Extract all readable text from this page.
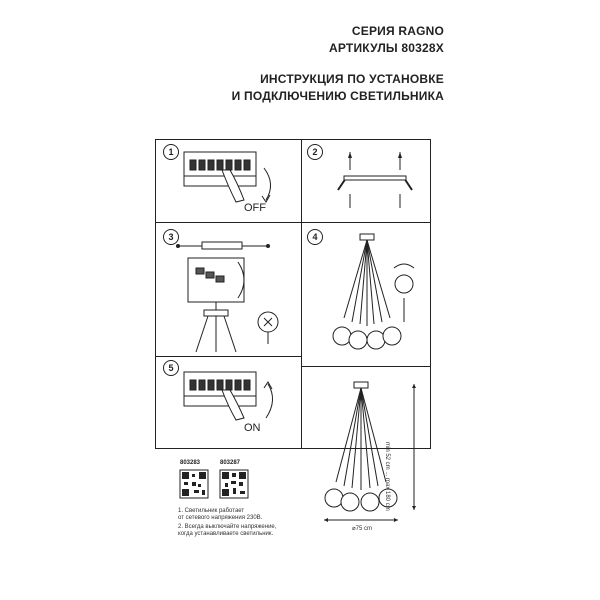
СЕРИЯ RAGNO
АРТИКУЛЫ 80328X
ИНСТРУКЦИЯ ПО УСТАНОВКЕ
И ПОДКЛЮЧЕНИЮ СВЕТИЛЬНИКА
1	2
3	4
5
OFF
ON
min 52 cm ... max 180 cm
⌀75 cm
803283	803287
1. Светильник работает
от сетевого напряжения 230В.
2. Всегда выключайте напряжение,
когда устанавливаете светильник.
